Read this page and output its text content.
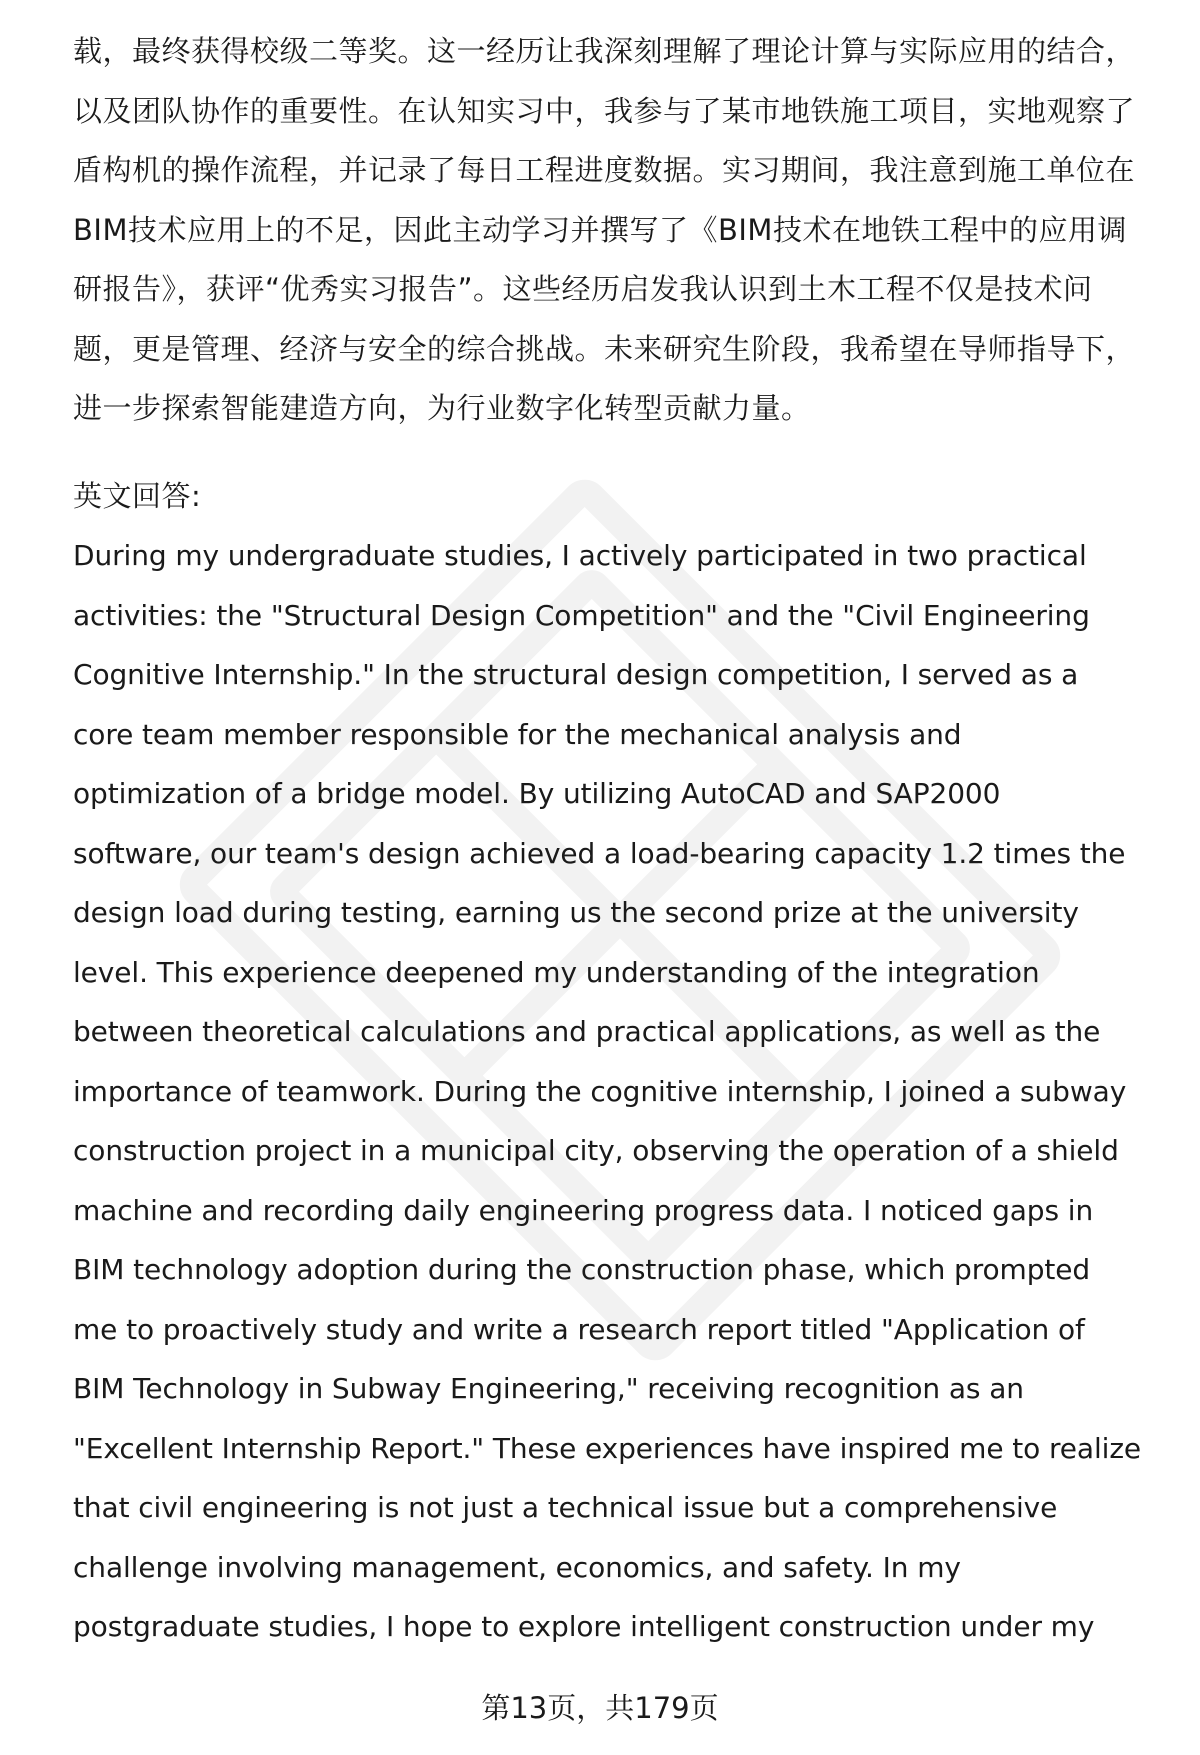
载，最终获得校级二等奖。这一经历让我深刻理解了理论计算与实际应用的结合，
以及团队协作的重要性。在认知实习中，我参与了某市地铁施工项目，实地观察了
盾构机的操作流程，并记录了每日工程进度数据。实习期间，我注意到施工单位在
BIM技术应用上的不足，因此主动学习并撰写了《BIM技术在地铁工程中的应用调
研报告》，获评“优秀实习报告”。这些经历启发我认识到土木工程不仅是技术问
题，更是管理、经济与安全的综合挑战。未来研究生阶段，我希望在导师指导下，
进一步探索智能建造方向，为行业数字化转型贡献力量。
英文回答:
During my undergraduate studies, I actively participated in two practical
activities: the "Structural Design Competition" and the "Civil Engineering
Cognitive Internship." In the structural design competition, I served as a
core team member responsible for the mechanical analysis and
optimization of a bridge model. By utilizing AutoCAD and SAP2000
software, our team's design achieved a load-bearing capacity 1.2 times the
design load during testing, earning us the second prize at the university
level. This experience deepened my understanding of the integration
between theoretical calculations and practical applications, as well as the
importance of teamwork. During the cognitive internship, I joined a subway
construction project in a municipal city, observing the operation of a shield
machine and recording daily engineering progress data. I noticed gaps in
BIM technology adoption during the construction phase, which prompted
me to proactively study and write a research report titled "Application of
BIM Technology in Subway Engineering," receiving recognition as an
"Excellent Internship Report." These experiences have inspired me to realize
that civil engineering is not just a technical issue but a comprehensive
challenge involving management, economics, and safety. In my
postgraduate studies, I hope to explore intelligent construction under my
第13页，共179页
